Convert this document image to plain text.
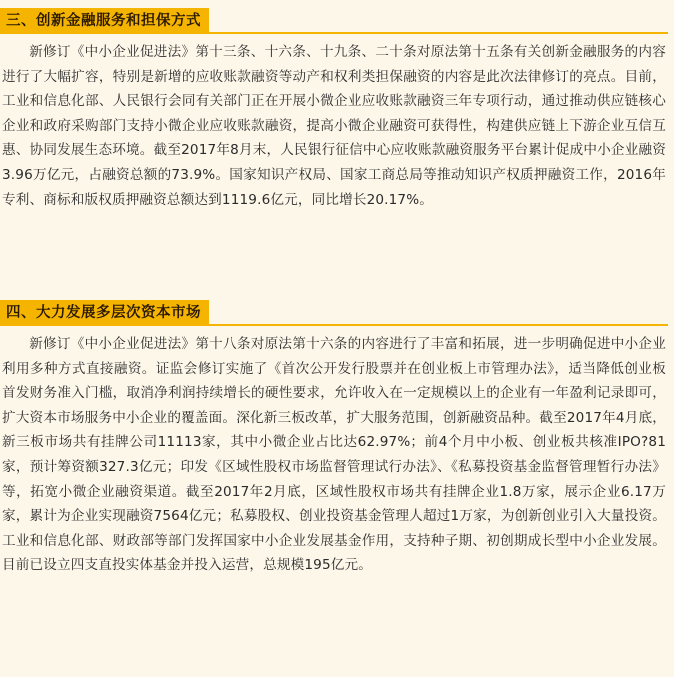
三、创新金融服务和担保方式

新修订《中小企业促进法》第十三条、十六条、十九条、二十条对原法第十五条有关创新金融服务的内容进行了大幅扩容，特别是新增的应收账款融资等动产和权利类担保融资的内容是此次法律修订的亮点。目前，工业和信息化部、人民银行会同有关部门正在开展小微企业应收账款融资三年专项行动，通过推动供应链核心企业和政府采购部门支持小微企业应收账款融资，提高小微企业融资可获得性，构建供应链上下游企业互信互惠、协同发展生态环境。截至2017年8月末，人民银行征信中心应收账款融资服务平台累计促成中小企业融资3.96万亿元，占融资总额的73.9%。国家知识产权局、国家工商总局等推动知识产权质押融资工作，2016年专利、商标和版权质押融资总额达到1119.6亿元，同比增长20.17%。

四、大力发展多层次资本市场

新修订《中小企业促进法》第十八条对原法第十六条的内容进行了丰富和拓展，进一步明确促进中小企业利用多种方式直接融资。证监会修订实施了《首次公开发行股票并在创业板上市管理办法》，适当降低创业板首发财务准入门槛，取消净利润持续增长的硬性要求，允许收入在一定规模以上的企业有一年盈利记录即可，扩大资本市场服务中小企业的覆盖面。深化新三板改革，扩大服务范围，创新融资品种。截至2017年4月底，新三板市场共有挂牌公司11113家，其中小微企业占比达62.97%；前4个月中小板、创业板共核准IPO?81家，预计筹资额327.3亿元；印发《区域性股权市场监督管理试行办法》、《私募投资基金监督管理暂行办法》等，拓宽小微企业融资渠道。截至2017年2月底，区域性股权市场共有挂牌企业1.8万家，展示企业6.17万家，累计为企业实现融资7564亿元；私募股权、创业投资基金管理人超过1万家，为创新创业引入大量投资。工业和信息化部、财政部等部门发挥国家中小企业发展基金作用，支持种子期、初创期成长型中小企业发展。目前已设立四支直投实体基金并投入运营，总规模195亿元。
